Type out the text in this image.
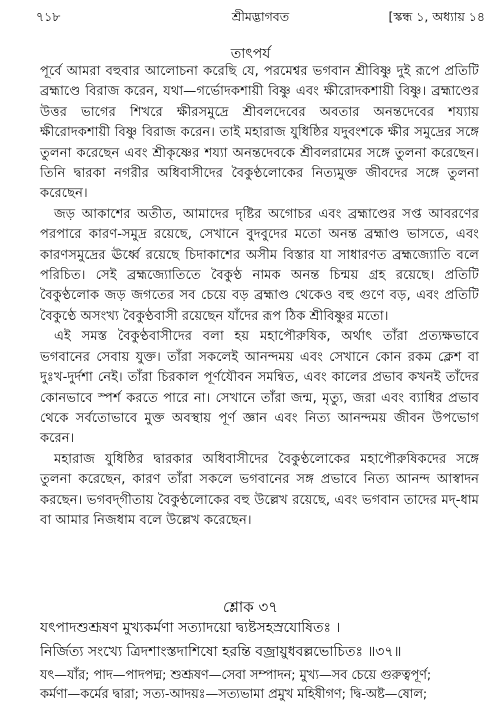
৭১৮	শ্রীমদ্ভাগবত	[স্কন্ধ ১, অধ্যায় ১৪
তাৎপর্য

পূর্বে আমরা বহুবার আলোচনা করেছি যে, পরমেশ্বর ভগবান শ্রীবিষ্ণু দুই রূপে প্রতিটি ব্রহ্মাণ্ডে বিরাজ করেন, যথা—গর্ভোদকশায়ী বিষ্ণু এবং ক্ষীরোদকশায়ী বিষ্ণু। ব্রহ্মাণ্ডের উত্তর ভাগের শিখরে ক্ষীরসমুদ্রে শ্রীবলদেবের অবতার অনন্তদেবের শয্যায় ক্ষীরোদকশায়ী বিষ্ণু বিরাজ করেন। তাই মহারাজ যুধিষ্ঠির যদুবংশকে ক্ষীর সমুদ্রের সঙ্গে তুলনা করেছেন এবং শ্রীকৃষ্ণের শয্যা অনন্তদেবকে শ্রীবলরামের সঙ্গে তুলনা করেছেন। তিনি দ্বারকা নগরীর অধিবাসীদের বৈকুণ্ঠলোকের নিত্যমুক্ত জীবদের সঙ্গে তুলনা করেছেন।

জড় আকাশের অতীত, আমাদের দৃষ্টির অগোচর এবং ব্রহ্মাণ্ডের সপ্ত আবরণের পরপারে কারণ-সমুদ্র রয়েছে, সেখানে বুদবুদের মতো অনন্ত ব্রহ্মাণ্ড ভাসতে, এবং কারণসমুদ্রের ঊর্ধ্বে রয়েছে চিদাকাশের অসীম বিস্তার যা সাধারণত ব্রহ্মজ্যোতি বলে পরিচিত। সেই ব্রহ্মজ্যোতিতে বৈকুণ্ঠ নামক অনন্ত চিন্ময় গ্রহ রয়েছে। প্রতিটি বৈকুণ্ঠলোক জড় জগতের সব চেয়ে বড় ব্রহ্মাণ্ড থেকেও বহু গুণে বড়, এবং প্রতিটি বৈকুণ্ঠে অসংখ্য বৈকুণ্ঠবাসী রয়েছেন যাঁদের রূপ ঠিক শ্রীবিষ্ণুর মতো।

এই সমস্ত বৈকুণ্ঠবাসীদের বলা হয় মহাপৌরুষিক, অর্থাৎ তাঁরা প্রত্যক্ষভাবে ভগবানের সেবায় যুক্ত। তাঁরা সকলেই আনন্দময় এবং সেখানে কোন রকম ক্লেশ বা দুঃখ-দুর্দশা নেই। তাঁরা চিরকাল পূর্ণযৌবন সমন্বিত, এবং কালের প্রভাব কখনই তাঁদের কোনভাবে স্পর্শ করতে পারে না। সেখানে তাঁরা জন্ম, মৃত্যু, জরা এবং ব্যাধির প্রভাব থেকে সর্বতোভাবে মুক্ত অবস্থায় পূর্ণ জ্ঞান এবং নিত্য আনন্দময় জীবন উপভোগ করেন।

মহারাজ যুধিষ্ঠির দ্বারকার অধিবাসীদের বৈকুণ্ঠলোকের মহাপৌরুষিকদের সঙ্গে তুলনা করেছেন, কারণ তাঁরা সকলে ভগবানের সঙ্গ প্রভাবে নিত্য আনন্দ আস্বাদন করছেন। ভগবদ্‌গীতায় বৈকুণ্ঠলোকের বহু উল্লেখ রয়েছে, এবং ভগবান তাদের মদ্-ধাম বা আমার নিজধাম বলে উল্লেখ করেছেন।

শ্লোক ৩৭
যৎপাদশুশ্রূষণ মুখ্যকর্মণা সত্যাদয়ো দ্ব্যষ্টসহস্রযোষিতঃ ।
নির্জিত্য সংখ্যে ত্রিদশাংস্তদাশিষো হরন্তি বজ্রায়ুধবল্লভোচিতঃ ॥৩৭॥
যৎ—যাঁর; পাদ—পাদপদ্ম; শুশ্রূষণ—সেবা সম্পাদন; মুখ্য—সব চেয়ে গুরুত্বপূর্ণ;
কর্মণা—কর্মের দ্বারা; সত্য-আদয়ঃ—সত্যভামা প্রমুখ মহিষীগণ; দ্বি-অষ্ট—ষোল;
